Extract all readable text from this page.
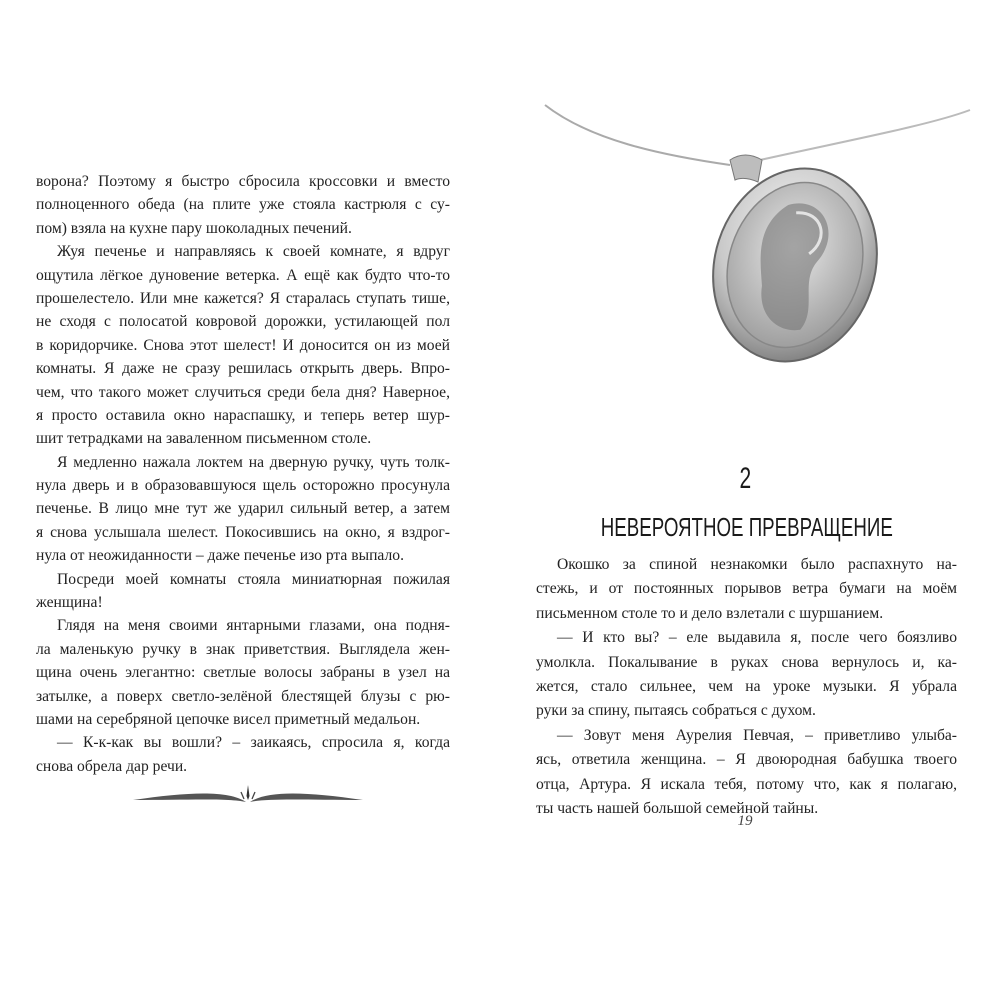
ворона? Поэтому я быстро сбросила кроссовки и вместо
полноценного обеда (на плите уже стояла кастрюля с су-
пом) взяла на кухне пару шоколадных печений.
Жуя печенье и направляясь к своей комнате, я вдруг
ощутила лёгкое дуновение ветерка. А ещё как будто что-то
прошелестело. Или мне кажется? Я старалась ступать тише,
не сходя с полосатой ковровой дорожки, устилающей пол
в коридорчике. Снова этот шелест! И доносится он из моей
комнаты. Я даже не сразу решилась открыть дверь. Впро-
чем, что такого может случиться среди бела дня? Наверное,
я просто оставила окно нараспашку, и теперь ветер шур-
шит тетрадками на заваленном письменном столе.
Я медленно нажала локтем на дверную ручку, чуть толк-
нула дверь и в образовавшуюся щель осторожно просунула
печенье. В лицо мне тут же ударил сильный ветер, а затем
я снова услышала шелест. Покосившись на окно, я вздрог-
нула от неожиданности – даже печенье изо рта выпало.
Посреди моей комнаты стояла миниатюрная пожилая
женщина!
Глядя на меня своими янтарными глазами, она подня-
ла маленькую ручку в знак приветствия. Выглядела жен-
щина очень элегантно: светлые волосы забраны в узел на
затылке, а поверх светло-зелёной блестящей блузы с рю-
шами на серебряной цепочке висел приметный медальон.
— К-к-как вы вошли? – заикаясь, спросила я, когда
снова обрела дар речи.
2
НЕВЕРОЯТНОЕ ПРЕВРАЩЕНИЕ
Окошко за спиной незнакомки было распахнуто на-
стежь, и от постоянных порывов ветра бумаги на моём
письменном столе то и дело взлетали с шуршанием.
— И кто вы? – еле выдавила я, после чего боязливо
умолкла. Покалывание в руках снова вернулось и, ка-
жется, стало сильнее, чем на уроке музыки. Я убрала
руки за спину, пытаясь собраться с духом.
— Зовут меня Аурелия Певчая, – приветливо улыба-
ясь, ответила женщина. – Я двоюродная бабушка твоего
отца, Артура. Я искала тебя, потому что, как я полагаю,
ты часть нашей большой семейной тайны.
19
